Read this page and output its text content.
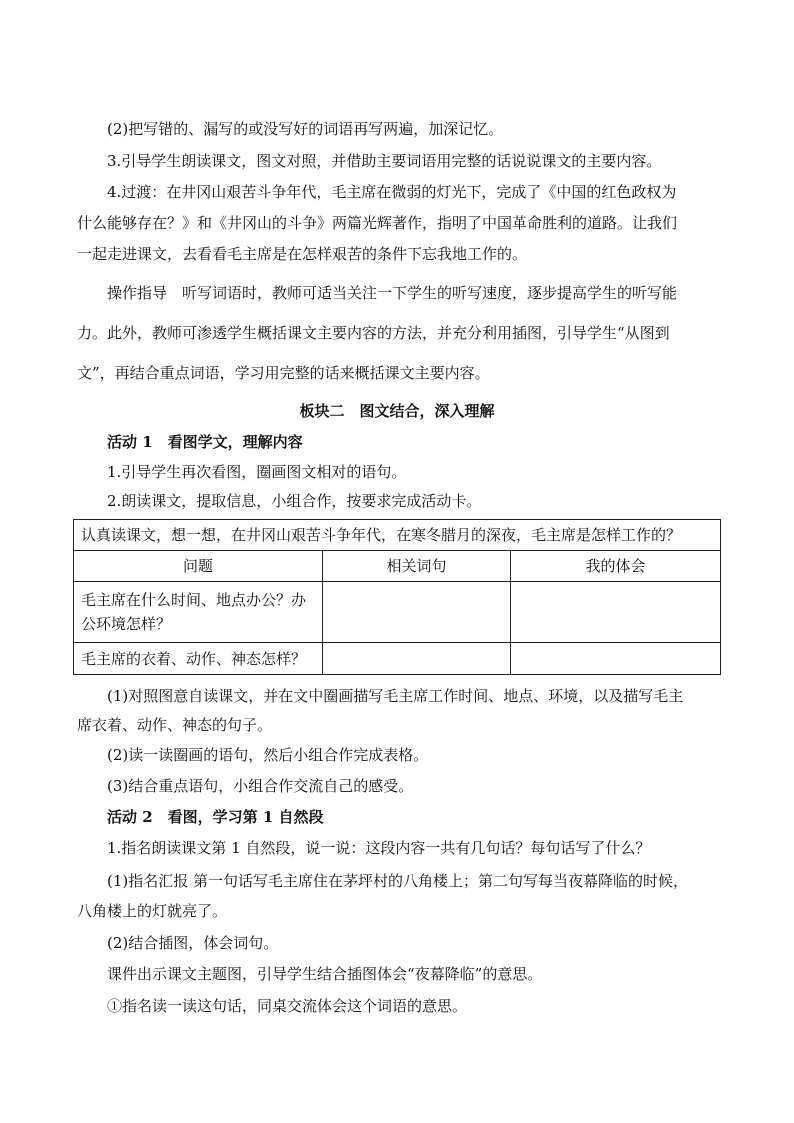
(2)把写错的、漏写的或没写好的词语再写两遍，加深记忆。

3.引导学生朗读课文，图文对照，并借助主要词语用完整的话说说课文的主要内容。

4.过渡：在井冈山艰苦斗争年代，毛主席在微弱的灯光下，完成了《中国的红色政权为

什么能够存在？》和《井冈山的斗争》两篇光辉著作，指明了中国革命胜利的道路。让我们

一起走进课文，去看看毛主席是在怎样艰苦的条件下忘我地工作的。

操作指导　听写词语时，教师可适当关注一下学生的听写速度，逐步提高学生的听写能

力。此外，教师可渗透学生概括课文主要内容的方法，并充分利用插图，引导学生“从图到

文”，再结合重点词语，学习用完整的话来概括课文主要内容。

板块二　图文结合，深入理解

活动 1　看图学文，理解内容

1.引导学生再次看图，圈画图文相对的语句。

2.朗读课文，提取信息，小组合作，按要求完成活动卡。

认真读课文，想一想，在井冈山艰苦斗争年代，在寒冬腊月的深夜，毛主席是怎样工作的？		
问题	相关词句	我的体会
毛主席在什么时间、地点办公？办公环境怎样？		
毛主席的衣着、动作、神态怎样？		

(1)对照图意自读课文，并在文中圈画描写毛主席工作时间、地点、环境，以及描写毛主

席衣着、动作、神态的句子。

(2)读一读圈画的语句，然后小组合作完成表格。

(3)结合重点语句，小组合作交流自己的感受。

活动 2　看图，学习第 1 自然段

1.指名朗读课文第 1 自然段，说一说：这段内容一共有几句话？每句话写了什么？

(1)指名汇报 第一句话写毛主席住在茅坪村的八角楼上；第二句写每当夜幕降临的时候，

八角楼上的灯就亮了。

(2)结合插图，体会词句。

课件出示课文主题图，引导学生结合插图体会“夜幕降临”的意思。

①指名读一读这句话，同桌交流体会这个词语的意思。
